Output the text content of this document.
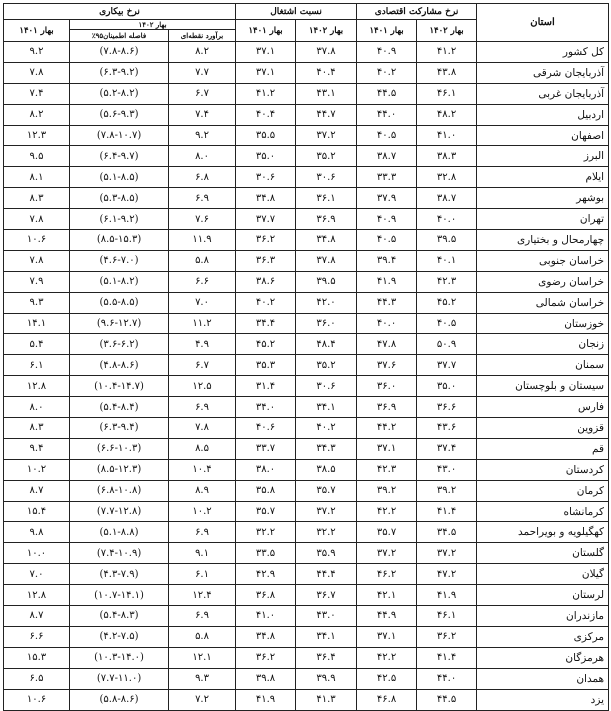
استان	نرخ مشارکت اقتصادی		نسبت اشتغال		نرخ بیکاری		
	بهار ۱۴۰۲	بهار ۱۴۰۱	بهار ۱۴۰۲	بهار ۱۴۰۱	بهار ۱۴۰۲		بهار ۱۴۰۱
					برآورد نقطه‌ای	فاصله اطمینان۹۵٪	
کل کشور	۴۱.۲	۴۰.۹	۳۷.۸	۳۷.۱	۸.۲	(۷.۸-۸.۶)	۹.۲
آذربایجان شرقی	۴۳.۸	۴۰.۲	۴۰.۴	۳۷.۱	۷.۷	(۶.۳-۹.۲)	۷.۸
آذربایجان غربی	۴۶.۱	۴۴.۵	۴۳.۱	۴۱.۲	۶.۷	(۵.۲-۸.۲)	۷.۴
اردبیل	۴۸.۲	۴۴.۰	۴۴.۷	۴۰.۴	۷.۴	(۵.۶-۹.۳)	۸.۲
اصفهان	۴۱.۰	۴۰.۵	۳۷.۲	۳۵.۵	۹.۲	(۷.۸-۱۰.۷)	۱۲.۳
البرز	۳۸.۳	۳۸.۷	۳۵.۲	۳۵.۰	۸.۰	(۶.۴-۹.۷)	۹.۵
ایلام	۳۲.۸	۳۳.۳	۳۰.۶	۳۰.۶	۶.۸	(۵.۱-۸.۵)	۸.۱
بوشهر	۳۸.۷	۳۷.۹	۳۶.۱	۳۴.۸	۶.۹	(۵.۳-۸.۵)	۸.۳
تهران	۴۰.۰	۴۰.۹	۳۶.۹	۳۷.۷	۷.۶	(۶.۱-۹.۲)	۷.۸
چهارمحال و بختیاری	۳۹.۵	۴۰.۵	۳۴.۸	۳۶.۲	۱۱.۹	(۸.۵-۱۵.۳)	۱۰.۶
خراسان جنوبی	۴۰.۱	۳۹.۴	۳۷.۸	۳۶.۳	۵.۸	(۴.۶-۷.۰)	۷.۸
خراسان رضوی	۴۲.۳	۴۱.۹	۳۹.۵	۳۸.۶	۶.۶	(۵.۱-۸.۲)	۷.۹
خراسان شمالی	۴۵.۲	۴۴.۳	۴۲.۰	۴۰.۲	۷.۰	(۵.۵-۸.۵)	۹.۳
خوزستان	۴۰.۵	۴۰.۰	۳۶.۰	۳۴.۴	۱۱.۲	(۹.۶-۱۲.۷)	۱۴.۱
زنجان	۵۰.۹	۴۷.۸	۴۸.۴	۴۵.۲	۴.۹	(۳.۶-۶.۲)	۵.۴
سمنان	۳۷.۷	۳۷.۶	۳۵.۲	۳۵.۳	۶.۷	(۴.۸-۸.۶)	۶.۱
سیستان و بلوچستان	۳۵.۰	۳۶.۰	۳۰.۶	۳۱.۴	۱۲.۵	(۱۰.۴-۱۴.۷)	۱۲.۸
فارس	۳۶.۶	۳۶.۹	۳۴.۱	۳۴.۰	۶.۹	(۵.۴-۸.۴)	۸.۰
قزوین	۴۳.۶	۴۴.۲	۴۰.۲	۴۰.۶	۷.۸	(۶.۳-۹.۴)	۸.۳
قم	۳۷.۴	۳۷.۱	۳۴.۳	۳۳.۷	۸.۵	(۶.۶-۱۰.۳)	۹.۴
کردستان	۴۳.۰	۴۲.۳	۳۸.۵	۳۸.۰	۱۰.۴	(۸.۵-۱۲.۳)	۱۰.۲
کرمان	۳۹.۲	۳۹.۲	۳۵.۷	۳۵.۸	۸.۹	(۶.۸-۱۰.۸)	۸.۷
کرمانشاه	۴۱.۴	۴۲.۲	۳۷.۲	۳۵.۷	۱۰.۲	(۷.۷-۱۲.۸)	۱۵.۴
کهگیلویه و بویراحمد	۳۴.۵	۳۵.۷	۳۲.۲	۳۲.۲	۶.۹	(۵.۱-۸.۸)	۹.۸
گلستان	۳۷.۲	۳۷.۲	۳۵.۹	۳۳.۵	۹.۱	(۷.۴-۱۰.۹)	۱۰.۰
گیلان	۴۷.۲	۴۶.۲	۴۴.۴	۴۲.۹	۶.۱	(۴.۳-۷.۹)	۷.۰
لرستان	۴۱.۹	۴۲.۱	۳۶.۷	۳۶.۸	۱۲.۴	(۱۰.۷-۱۴.۱)	۱۲.۸
مازندران	۴۶.۱	۴۴.۹	۴۳.۰	۴۱.۰	۶.۹	(۵.۴-۸.۳)	۸.۷
مرکزی	۳۶.۲	۳۷.۱	۳۴.۱	۳۴.۸	۵.۸	(۴.۲-۷.۵)	۶.۶
هرمزگان	۴۱.۴	۴۲.۲	۳۶.۴	۳۶.۲	۱۲.۱	(۱۰.۳-۱۴.۰)	۱۵.۳
همدان	۴۴.۰	۴۲.۵	۳۹.۹	۳۹.۸	۹.۳	(۷.۷-۱۱.۰)	۶.۵
یزد	۴۴.۵	۴۶.۸	۴۱.۳	۴۱.۹	۷.۲	(۵.۸-۸.۶)	۱۰.۶
